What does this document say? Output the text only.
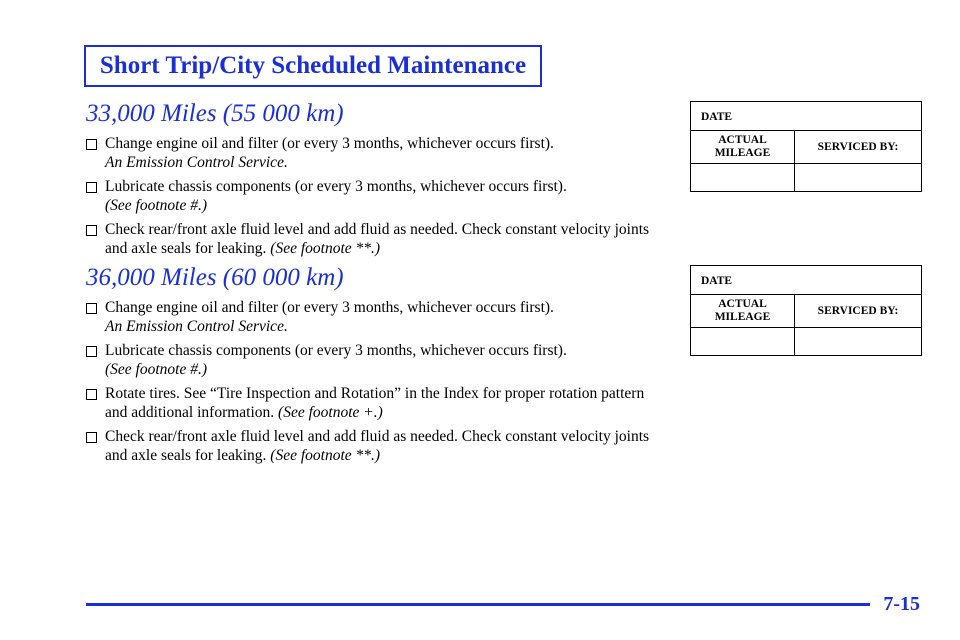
Short Trip/City Scheduled Maintenance
33,000 Miles (55 000 km)
Change engine oil and filter (or every 3 months, whichever occurs first).
An Emission Control Service.
Lubricate chassis components (or every 3 months, whichever occurs first).
(See footnote #.)
Check rear/front axle fluid level and add fluid as needed. Check constant velocity joints and axle seals for leaking. (See footnote **.)
36,000 Miles (60 000 km)
Change engine oil and filter (or every 3 months, whichever occurs first).
An Emission Control Service.
Lubricate chassis components (or every 3 months, whichever occurs first).
(See footnote #.)
Rotate tires. See “Tire Inspection and Rotation” in the Index for proper rotation pattern and additional information. (See footnote +.)
Check rear/front axle fluid level and add fluid as needed. Check constant velocity joints and axle seals for leaking. (See footnote **.)
DATE
ACTUAL
MILEAGE	SERVICED BY:
DATE
ACTUAL
MILEAGE	SERVICED BY:
7-15
